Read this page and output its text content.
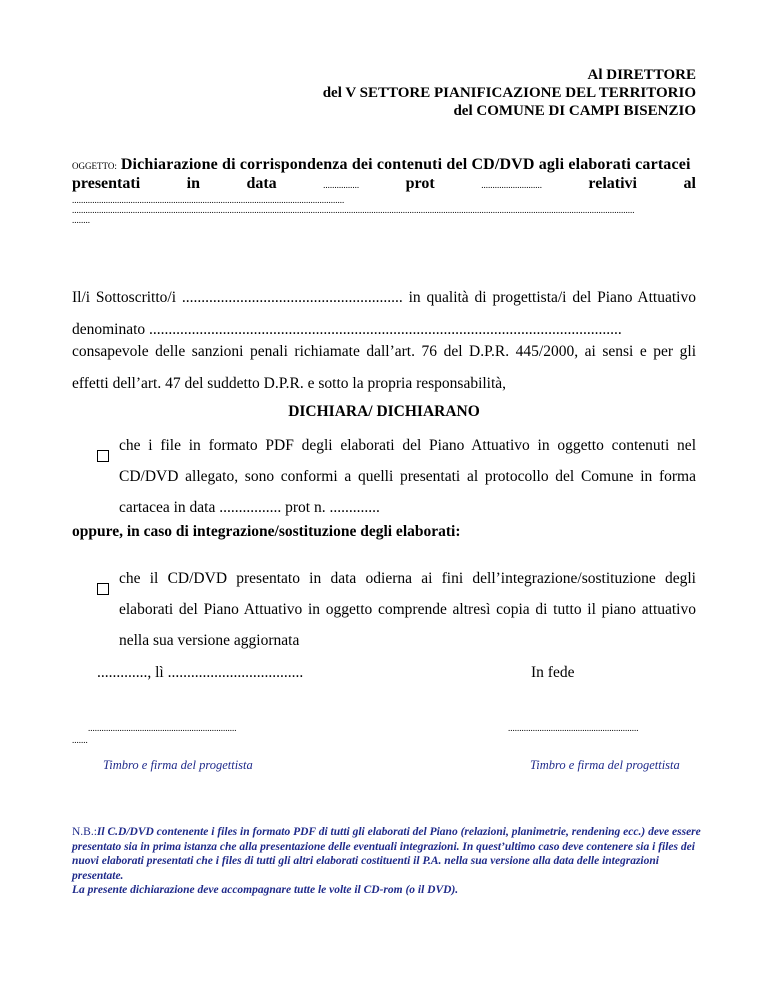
Al DIRETTORE
del V SETTORE PIANIFICAZIONE DEL TERRITORIO
del COMUNE DI CAMPI BISENZIO
OGGETTO: Dichiarazione di corrispondenza dei contenuti del CD/DVD agli elaborati cartacei
presentati	in	data	................	prot	...........................	relativi	al
.........................................................................................................................
..........................................................................................................................................................................................................................................................
........
Il/i Sottoscritto/i ......................................................... in qualità di progettista/i del Piano Attuativo denominato ..........................................................................................................................
consapevole delle sanzioni penali richiamate dall’art. 76 del D.P.R. 445/2000, ai sensi e per gli effetti dell’art. 47 del suddetto D.P.R. e sotto la propria responsabilità,
DICHIARA/ DICHIARANO
che i file in formato PDF degli elaborati del Piano Attuativo in oggetto contenuti nel CD/DVD allegato, sono conformi a quelli presentati al protocollo del Comune in forma cartacea in data ................ prot n. .............
oppure, in caso di integrazione/sostituzione degli elaborati:
che il CD/DVD presentato in data odierna ai fini dell’integrazione/sostituzione degli elaborati del Piano Attuativo in oggetto comprende altresì copia di tutto il piano attuativo nella sua versione aggiornata
............., lì ...................................	In fede
..................................................................
.......
..........................................................
Timbro e firma del progettista	Timbro e firma del progettista
N.B.:Il C.D/DVD contenente i files in formato PDF di tutti gli elaborati del Piano (relazioni, planimetrie, rendening ecc.) deve essere presentato sia in prima istanza che alla presentazione delle eventuali integrazioni. In quest’ultimo caso deve contenere sia i files dei nuovi elaborati presentati che i files di tutti gli altri elaborati costituenti il P.A. nella sua versione alla data delle integrazioni presentate.
La presente dichiarazione deve accompagnare tutte le volte il CD-rom (o il DVD).
